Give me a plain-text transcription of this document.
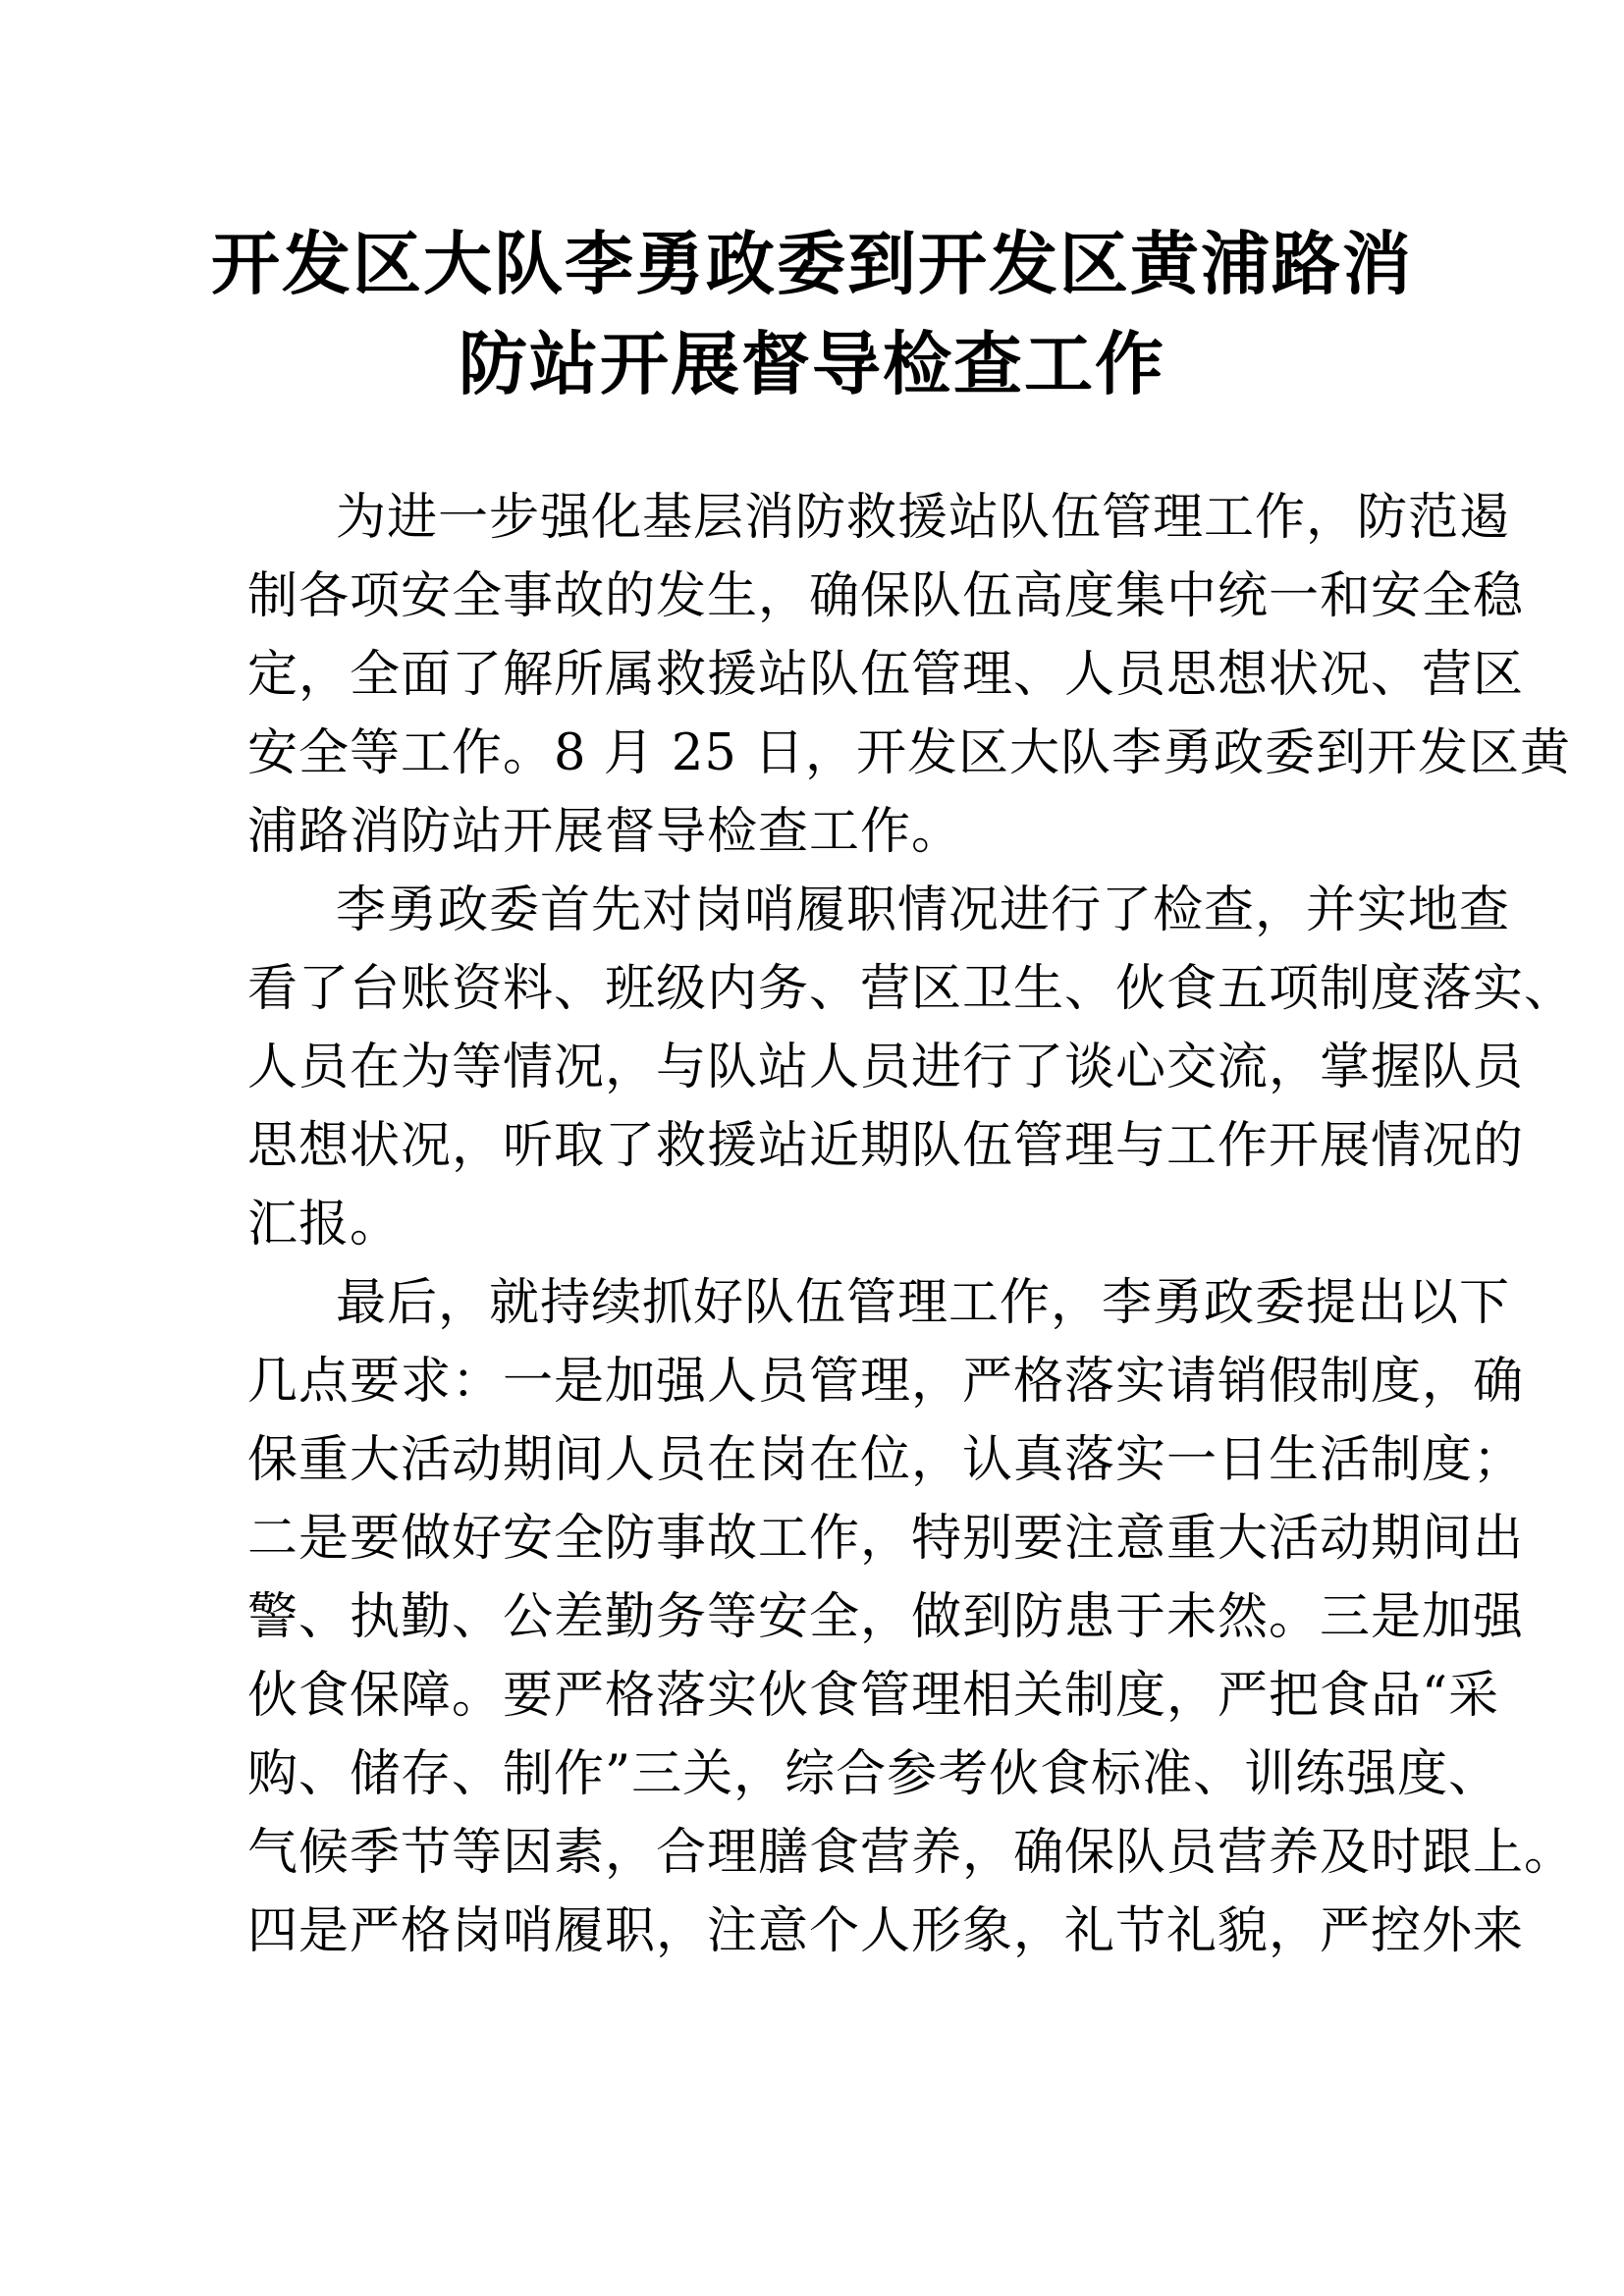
开发区大队李勇政委到开发区黄浦路消
防站开展督导检查工作
为进一步强化基层消防救援站队伍管理工作，防范遏
制各项安全事故的发生，确保队伍高度集中统一和安全稳
定，全面了解所属救援站队伍管理、人员思想状况、营区
安全等工作。8 月 25 日，开发区大队李勇政委到开发区黄
浦路消防站开展督导检查工作。
李勇政委首先对岗哨履职情况进行了检查，并实地查
看了台账资料、班级内务、营区卫生、伙食五项制度落实、
人员在为等情况，与队站人员进行了谈心交流，掌握队员
思想状况，听取了救援站近期队伍管理与工作开展情况的
汇报。
最后，就持续抓好队伍管理工作，李勇政委提出以下
几点要求：一是加强人员管理，严格落实请销假制度，确
保重大活动期间人员在岗在位，认真落实一日生活制度；
二是要做好安全防事故工作，特别要注意重大活动期间出
警、执勤、公差勤务等安全，做到防患于未然。三是加强
伙食保障。要严格落实伙食管理相关制度，严把食品“采
购、储存、制作”三关，综合参考伙食标准、训练强度、
气候季节等因素，合理膳食营养，确保队员营养及时跟上。
四是严格岗哨履职，注意个人形象，礼节礼貌，严控外来
